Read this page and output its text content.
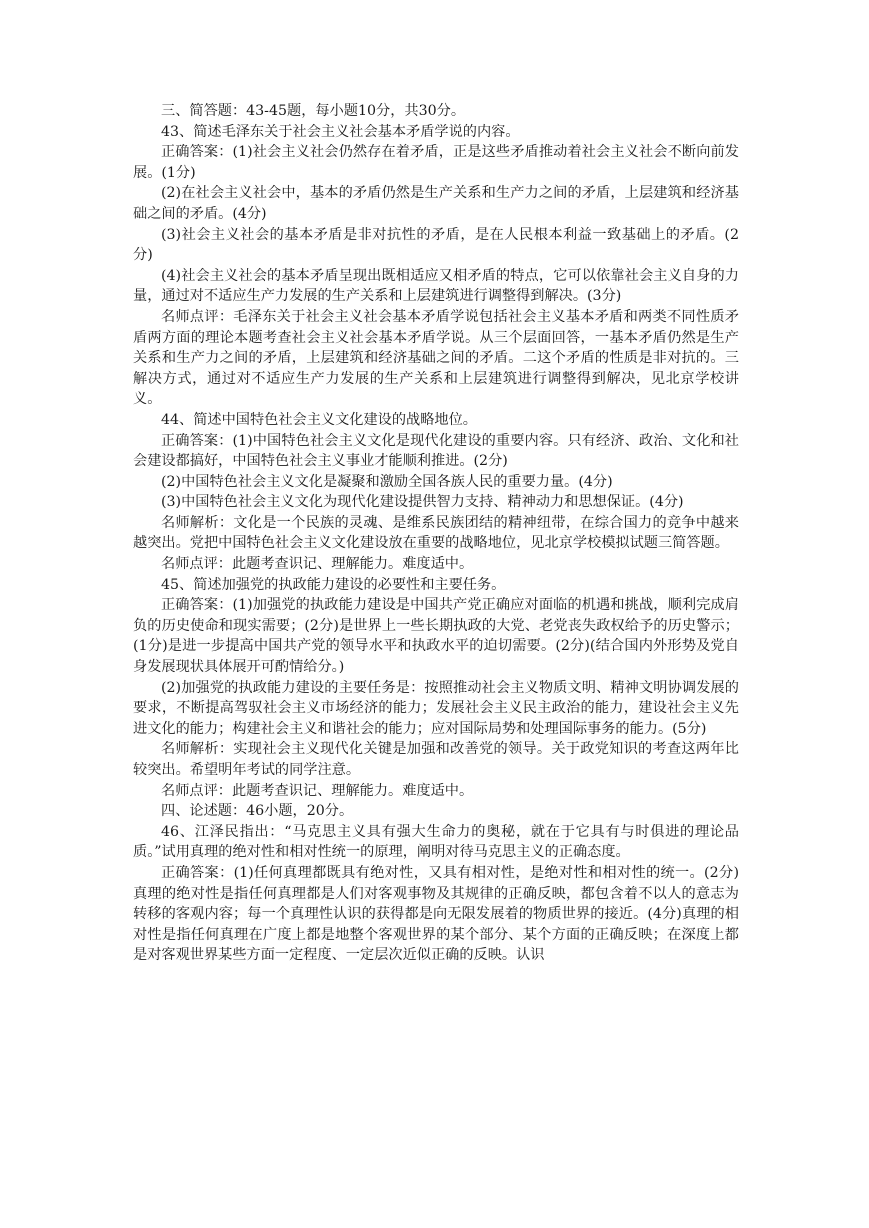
三、简答题：43-45题，每小题10分，共30分。

43、简述毛泽东关于社会主义社会基本矛盾学说的内容。

正确答案：(1)社会主义社会仍然存在着矛盾，正是这些矛盾推动着社会主义社会不断向前发展。(1分)

(2)在社会主义社会中，基本的矛盾仍然是生产关系和生产力之间的矛盾，上层建筑和经济基础之间的矛盾。(4分)

(3)社会主义社会的基本矛盾是非对抗性的矛盾，是在人民根本利益一致基础上的矛盾。(2分)

(4)社会主义社会的基本矛盾呈现出既相适应又相矛盾的特点，它可以依靠社会主义自身的力量，通过对不适应生产力发展的生产关系和上层建筑进行调整得到解决。(3分)

名师点评：毛泽东关于社会主义社会基本矛盾学说包括社会主义基本矛盾和两类不同性质矛盾两方面的理论本题考查社会主义社会基本矛盾学说。从三个层面回答，一基本矛盾仍然是生产关系和生产力之间的矛盾，上层建筑和经济基础之间的矛盾。二这个矛盾的性质是非对抗的。三解决方式，通过对不适应生产力发展的生产关系和上层建筑进行调整得到解决，见北京学校讲义。

44、简述中国特色社会主义文化建设的战略地位。

正确答案：(1)中国特色社会主义文化是现代化建设的重要内容。只有经济、政治、文化和社会建设都搞好，中国特色社会主义事业才能顺利推进。(2分)

(2)中国特色社会主义文化是凝聚和激励全国各族人民的重要力量。(4分)

(3)中国特色社会主义文化为现代化建设提供智力支持、精神动力和思想保证。(4分)

名师解析：文化是一个民族的灵魂、是维系民族团结的精神纽带，在综合国力的竞争中越来越突出。党把中国特色社会主义文化建设放在重要的战略地位，见北京学校模拟试题三简答题。

名师点评：此题考查识记、理解能力。难度适中。

45、简述加强党的执政能力建设的必要性和主要任务。

正确答案：(1)加强党的执政能力建设是中国共产党正确应对面临的机遇和挑战，顺利完成肩负的历史使命和现实需要；(2分)是世界上一些长期执政的大党、老党丧失政权给予的历史警示；(1分)是进一步提高中国共产党的领导水平和执政水平的迫切需要。(2分)(结合国内外形势及党自身发展现状具体展开可酌情给分。)

(2)加强党的执政能力建设的主要任务是：按照推动社会主义物质文明、精神文明协调发展的要求，不断提高驾驭社会主义市场经济的能力；发展社会主义民主政治的能力，建设社会主义先进文化的能力；构建社会主义和谐社会的能力；应对国际局势和处理国际事务的能力。(5分)

名师解析：实现社会主义现代化关键是加强和改善党的领导。关于政党知识的考查这两年比较突出。希望明年考试的同学注意。

名师点评：此题考查识记、理解能力。难度适中。

四、论述题：46小题，20分。

46、江泽民指出：“马克思主义具有强大生命力的奥秘，就在于它具有与时俱进的理论品质。”试用真理的绝对性和相对性统一的原理，阐明对待马克思主义的正确态度。

正确答案：(1)任何真理都既具有绝对性，又具有相对性，是绝对性和相对性的统一。(2分)真理的绝对性是指任何真理都是人们对客观事物及其规律的正确反映，都包含着不以人的意志为转移的客观内容；每一个真理性认识的获得都是向无限发展着的物质世界的接近。(4分)真理的相对性是指任何真理在广度上都是地整个客观世界的某个部分、某个方面的正确反映；在深度上都是对客观世界某些方面一定程度、一定层次近似正确的反映。认识
